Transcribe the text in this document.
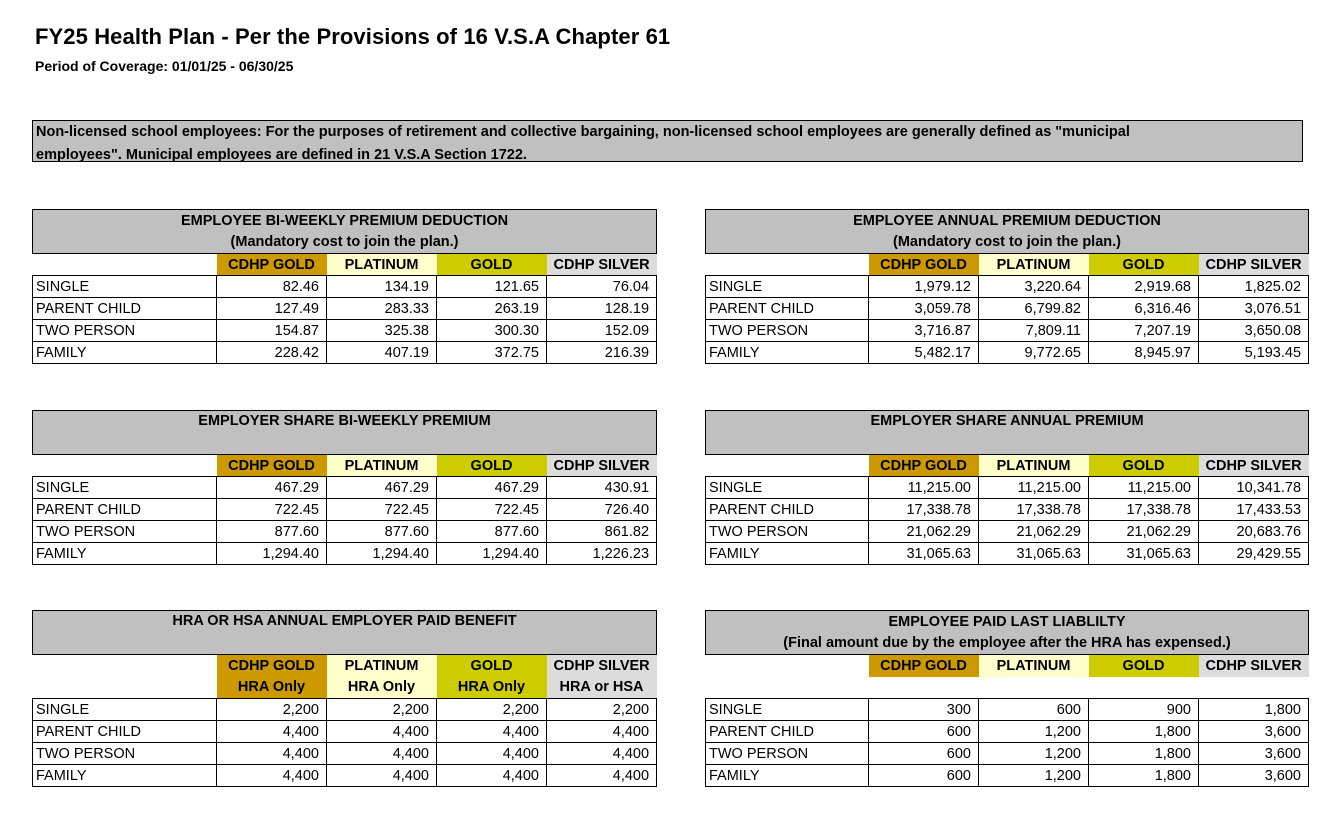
FY25 Health Plan - Per the Provisions of 16 V.S.A Chapter 61
Period of Coverage: 01/01/25 - 06/30/25
Non-licensed school employees: For the purposes of retirement and collective bargaining, non-licensed school employees are generally defined as "municipal
employees". Municipal employees are defined in 21 V.S.A Section 1722.
EMPLOYEE BI-WEEKLY PREMIUM DEDUCTION				
(Mandatory cost to join the plan.)				
	CDHP GOLD	PLATINUM	GOLD	CDHP SILVER
SINGLE	82.46	134.19	121.65	76.04
PARENT CHILD	127.49	283.33	263.19	128.19
TWO PERSON	154.87	325.38	300.30	152.09
FAMILY	228.42	407.19	372.75	216.39
EMPLOYER SHARE BI-WEEKLY PREMIUM				

	CDHP GOLD	PLATINUM	GOLD	CDHP SILVER
SINGLE	467.29	467.29	467.29	430.91
PARENT CHILD	722.45	722.45	722.45	726.40
TWO PERSON	877.60	877.60	877.60	861.82
FAMILY	1,294.40	1,294.40	1,294.40	1,226.23
HRA OR HSA ANNUAL EMPLOYER PAID BENEFIT				

	CDHP GOLD	PLATINUM	GOLD	CDHP SILVER
	HRA Only	HRA Only	HRA Only	HRA or HSA
SINGLE	2,200	2,200	2,200	2,200
PARENT CHILD	4,400	4,400	4,400	4,400
TWO PERSON	4,400	4,400	4,400	4,400
FAMILY	4,400	4,400	4,400	4,400
EMPLOYEE ANNUAL PREMIUM DEDUCTION				
(Mandatory cost to join the plan.)				
	CDHP GOLD	PLATINUM	GOLD	CDHP SILVER
SINGLE	1,979.12	3,220.64	2,919.68	1,825.02
PARENT CHILD	3,059.78	6,799.82	6,316.46	3,076.51
TWO PERSON	3,716.87	7,809.11	7,207.19	3,650.08
FAMILY	5,482.17	9,772.65	8,945.97	5,193.45
EMPLOYER SHARE ANNUAL PREMIUM				

	CDHP GOLD	PLATINUM	GOLD	CDHP SILVER
SINGLE	11,215.00	11,215.00	11,215.00	10,341.78
PARENT CHILD	17,338.78	17,338.78	17,338.78	17,433.53
TWO PERSON	21,062.29	21,062.29	21,062.29	20,683.76
FAMILY	31,065.63	31,065.63	31,065.63	29,429.55
EMPLOYEE PAID LAST LIABLILTY				
(Final amount due by the employee after the HRA has expensed.)				
	CDHP GOLD	PLATINUM	GOLD	CDHP SILVER

SINGLE	300	600	900	1,800
PARENT CHILD	600	1,200	1,800	3,600
TWO PERSON	600	1,200	1,800	3,600
FAMILY	600	1,200	1,800	3,600
